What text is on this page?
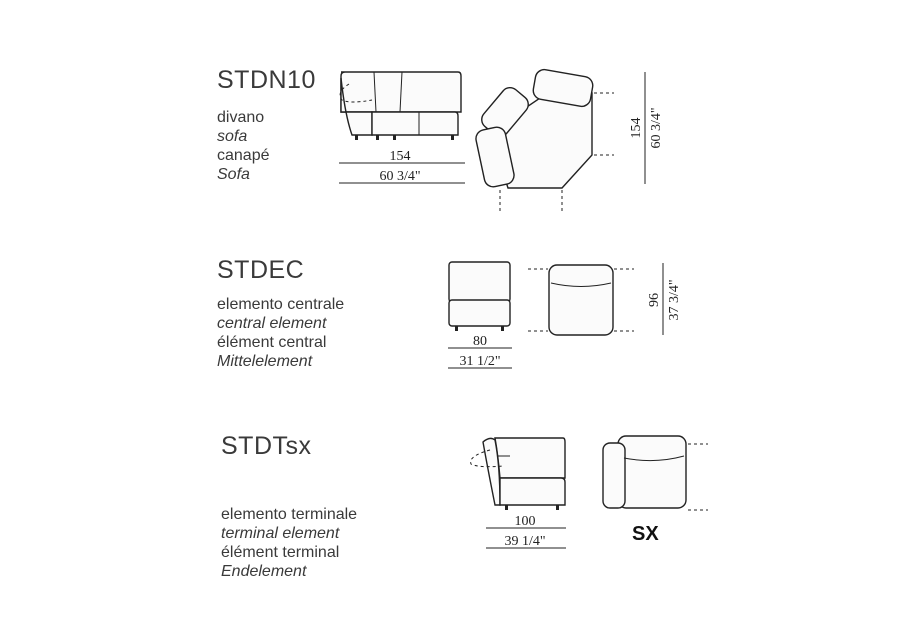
STDN10
divano
sofa
canapé
Sofa
STDEC
elemento centrale
central element
élément central
Mittelelement
STDTsx
elemento terminale
terminal element
élément terminal
Endelement
SX
154
60 3/4"
154 60 3/4"
80
31 1/2"
96 37 3/4"
100
39 1/4"
